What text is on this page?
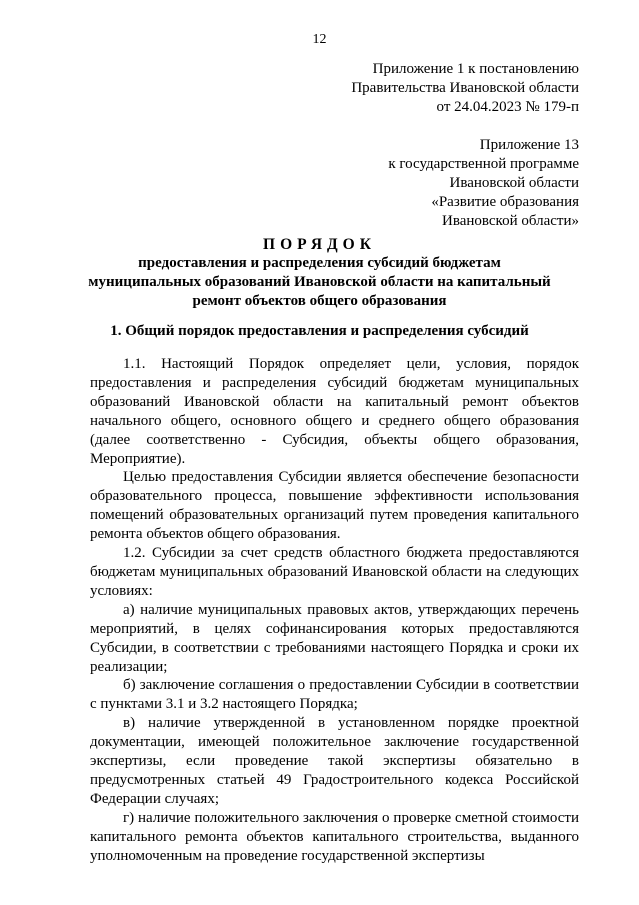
12
Приложение 1 к постановлению
Правительства Ивановской области
от 24.04.2023 № 179-п
Приложение 13
к государственной программе
Ивановской области
«Развитие образования
Ивановской области»
ПОРЯДОК
предоставления и распределения субсидий бюджетам
муниципальных образований Ивановской области на капитальный
ремонт объектов общего образования
1. Общий порядок предоставления и распределения субсидий

1.1. Настоящий Порядок определяет цели, условия, порядок предоставления и распределения субсидий бюджетам муниципальных образований Ивановской области на капитальный ремонт объектов начального общего, основного общего и среднего общего образования (далее соответственно - Субсидия, объекты общего образования, Мероприятие).

Целью предоставления Субсидии является обеспечение безопасности образовательного процесса, повышение эффективности использования помещений образовательных организаций путем проведения капитального ремонта объектов общего образования.

1.2. Субсидии за счет средств областного бюджета предоставляются бюджетам муниципальных образований Ивановской области на следующих условиях:

а) наличие муниципальных правовых актов, утверждающих перечень мероприятий, в целях софинансирования которых предоставляются Субсидии, в соответствии с требованиями настоящего Порядка и сроки их реализации;

б) заключение соглашения о предоставлении Субсидии в соответствии с пунктами 3.1 и 3.2 настоящего Порядка;

в) наличие утвержденной в установленном порядке проектной документации, имеющей положительное заключение государственной экспертизы, если проведение такой экспертизы обязательно в предусмотренных статьей 49 Градостроительного кодекса Российской Федерации случаях;

г) наличие положительного заключения о проверке сметной стоимости капитального ремонта объектов капитального строительства, выданного уполномоченным на проведение государственной экспертизы
